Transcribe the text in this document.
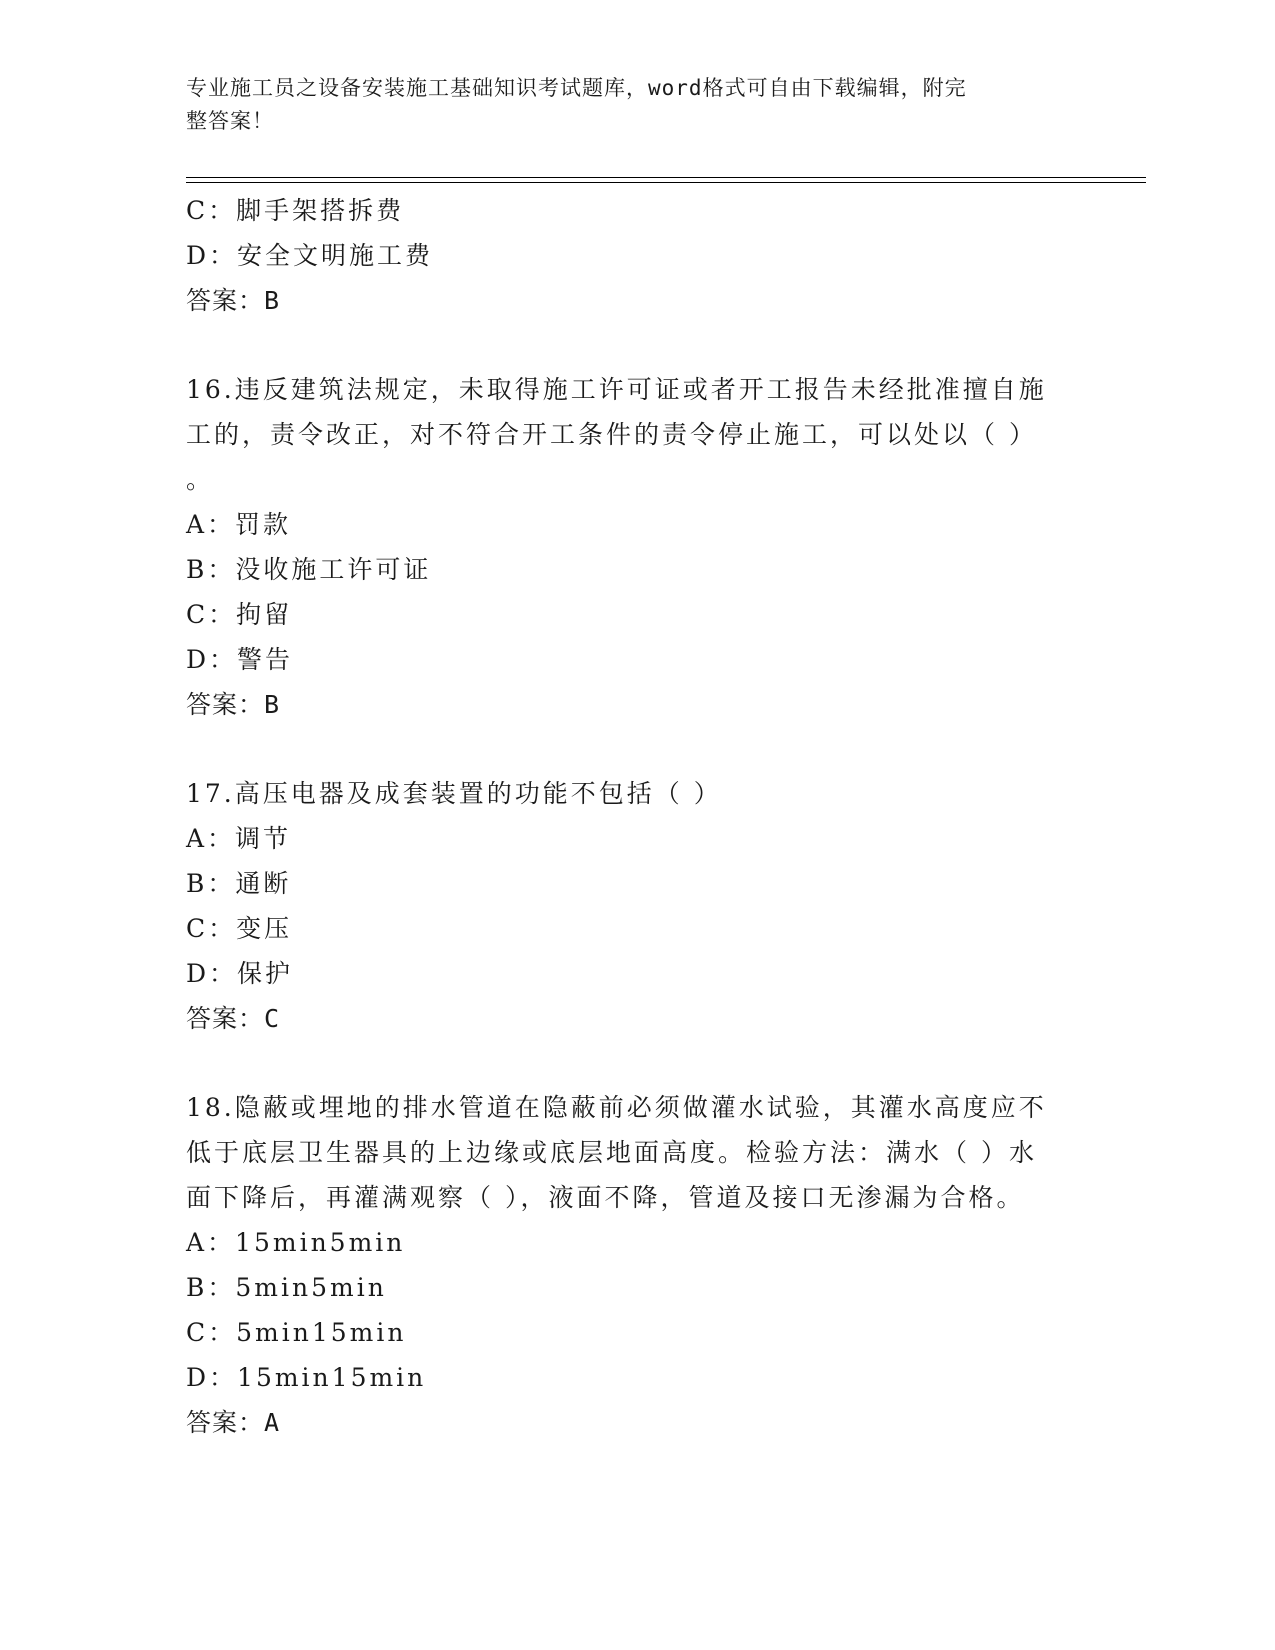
专业施工员之设备安装施工基础知识考试题库，word格式可自由下载编辑，附完
整答案！
C：脚手架搭拆费
D：安全文明施工费
答案：B
16.违反建筑法规定，未取得施工许可证或者开工报告未经批准擅自施
工的，责令改正，对不符合开工条件的责令停止施工，可以处以（ ）
。
A：罚款
B：没收施工许可证
C：拘留
D：警告
答案：B
17.高压电器及成套装置的功能不包括（ ）
A：调节
B：通断
C：变压
D：保护
答案：C
18.隐蔽或埋地的排水管道在隐蔽前必须做灌水试验，其灌水高度应不
低于底层卫生器具的上边缘或底层地面高度。检验方法：满水（ ）水
面下降后，再灌满观察（ ），液面不降，管道及接口无渗漏为合格。
A：15min5min
B：5min5min
C：5min15min
D：15min15min
答案：A
